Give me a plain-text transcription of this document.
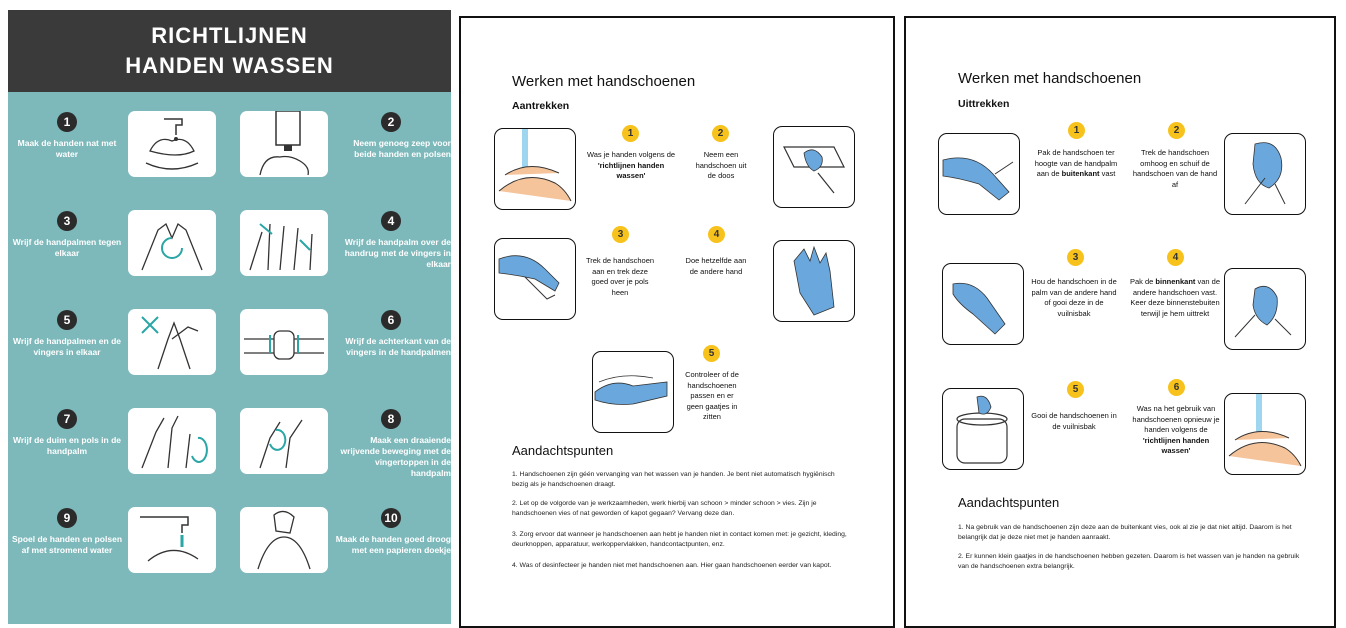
RICHTLIJNEN
HANDEN WASSEN
1
Maak de handen nat met water
2
Neem genoeg zeep voor beide handen en polsen
3
Wrijf de handpalmen tegen elkaar
4
Wrijf de handpalm over de handrug met de vingers in elkaar
5
Wrijf de handpalmen en de vingers in elkaar
6
Wrijf de achterkant van de vingers in de handpalmen
7
Wrijf de duim en pols in de handpalm
8
Maak een draaiende wrijvende beweging met de vingertoppen in de handpalm
9
Spoel de handen en polsen af met stromend water
10
Maak de handen goed droog met een papieren doekje
Werken met handschoenen
Aantrekken
1
Was je handen volgens de 'richtlijnen handen wassen'
2
Neem een handschoen uit de doos
3
Trek de handschoen aan en trek deze goed over je pols heen
4
Doe hetzelfde aan de andere hand
5
Controleer of de handschoenen passen en er geen gaatjes in zitten
Aandachtspunten
1. Handschoenen zijn géén vervanging van het wassen van je handen. Je bent niet automatisch hygiënisch bezig als je handschoenen draagt.
2. Let op de volgorde van je werkzaamheden, werk hierbij van schoon > minder schoon > vies. Zijn je handschoenen vies of nat geworden of kapot gegaan? Vervang deze dan.
3. Zorg ervoor dat wanneer je handschoenen aan hebt je handen niet in contact komen met: je gezicht, kleding, deurknoppen, apparatuur, werkoppervlakken, handcontactpunten, enz.
4. Was of desinfecteer je handen niet met handschoenen aan. Hier gaan handschoenen eerder van kapot.
Werken met handschoenen
Uittrekken
1
Pak de handschoen ter hoogte van de handpalm aan de buitenkant vast
2
Trek de handschoen omhoog en schuif de handschoen van de hand af
3
Hou de handschoen in de palm van de andere hand of gooi deze in de vuilnisbak
4
Pak de binnenkant van de andere handschoen vast. Keer deze binnenstebuiten terwijl je hem uittrekt
5
Gooi de handschoenen in de vuilnisbak
6
Was na het gebruik van handschoenen opnieuw je handen volgens de 'richtlijnen handen wassen'
Aandachtspunten
1. Na gebruik van de handschoenen zijn deze aan de buitenkant vies, ook al zie je dat niet altijd. Daarom is het belangrijk dat je deze niet met je handen aanraakt.
2. Er kunnen klein gaatjes in de handschoenen hebben gezeten. Daarom is het wassen van je handen na gebruik van de handschoenen extra belangrijk.
